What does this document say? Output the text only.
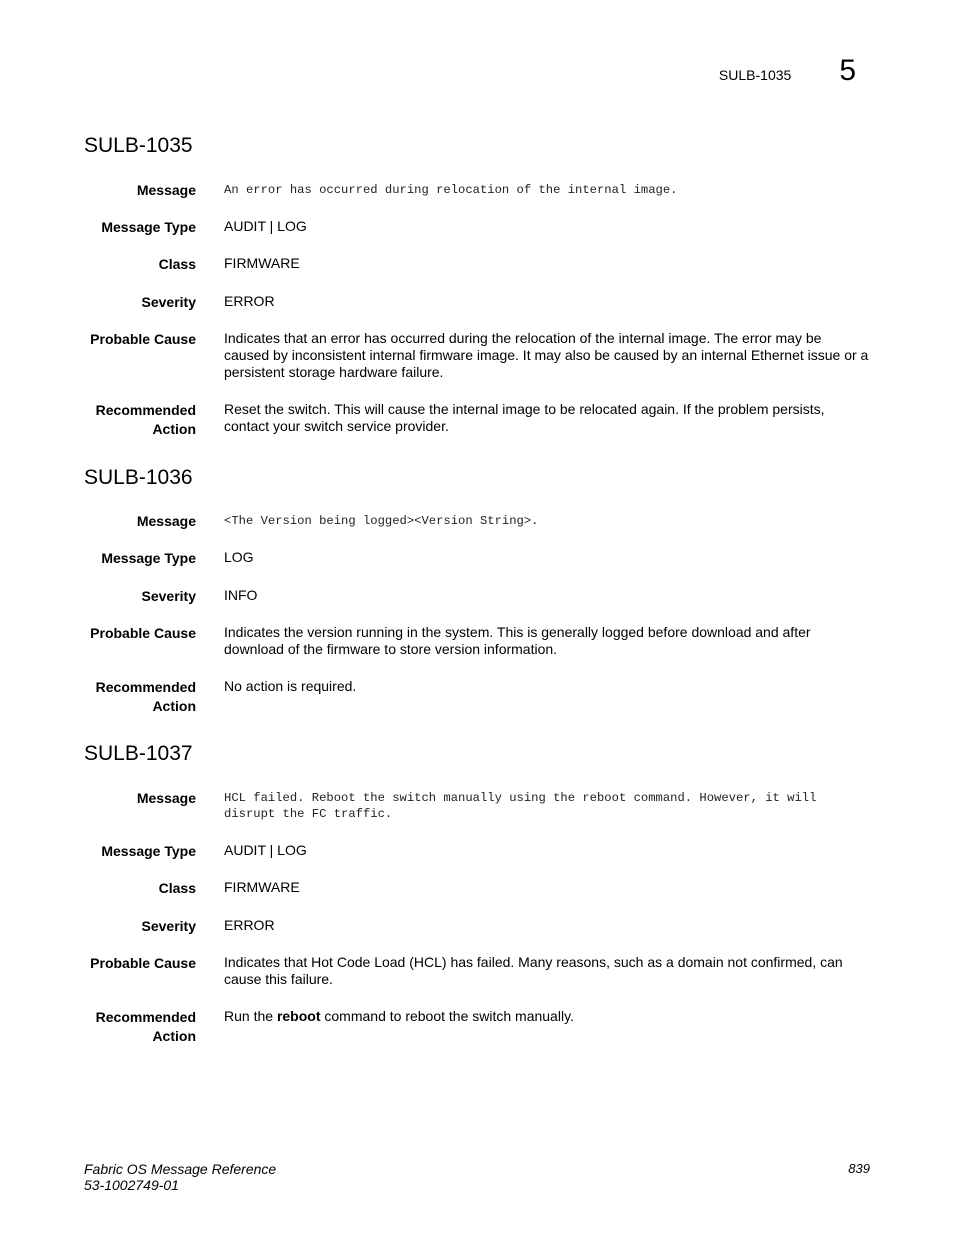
SULB-1035 5
SULB-1035
Message An error has occurred during relocation of the internal image.
Message Type AUDIT | LOG
Class FIRMWARE
Severity ERROR
Probable Cause Indicates that an error has occurred during the relocation of the internal image. The error may be caused by inconsistent internal firmware image. It may also be caused by an internal Ethernet issue or a persistent storage hardware failure.
Recommended
Action
Reset the switch. This will cause the internal image to be relocated again. If the problem persists, contact your switch service provider.
SULB-1036
Message <The Version being logged><Version String>.
Message Type LOG
Severity INFO
Probable Cause Indicates the version running in the system. This is generally logged before download and after download of the firmware to store version information.
Recommended
Action
No action is required.
SULB-1037
Message HCL failed. Reboot the switch manually using the reboot command. However, it will disrupt the FC traffic.
Message Type AUDIT | LOG
Class FIRMWARE
Severity ERROR
Probable Cause Indicates that Hot Code Load (HCL) has failed. Many reasons, such as a domain not confirmed, can cause this failure.
Recommended
Action
Run the reboot command to reboot the switch manually.
Fabric OS Message Reference
53-1002749-01
839
